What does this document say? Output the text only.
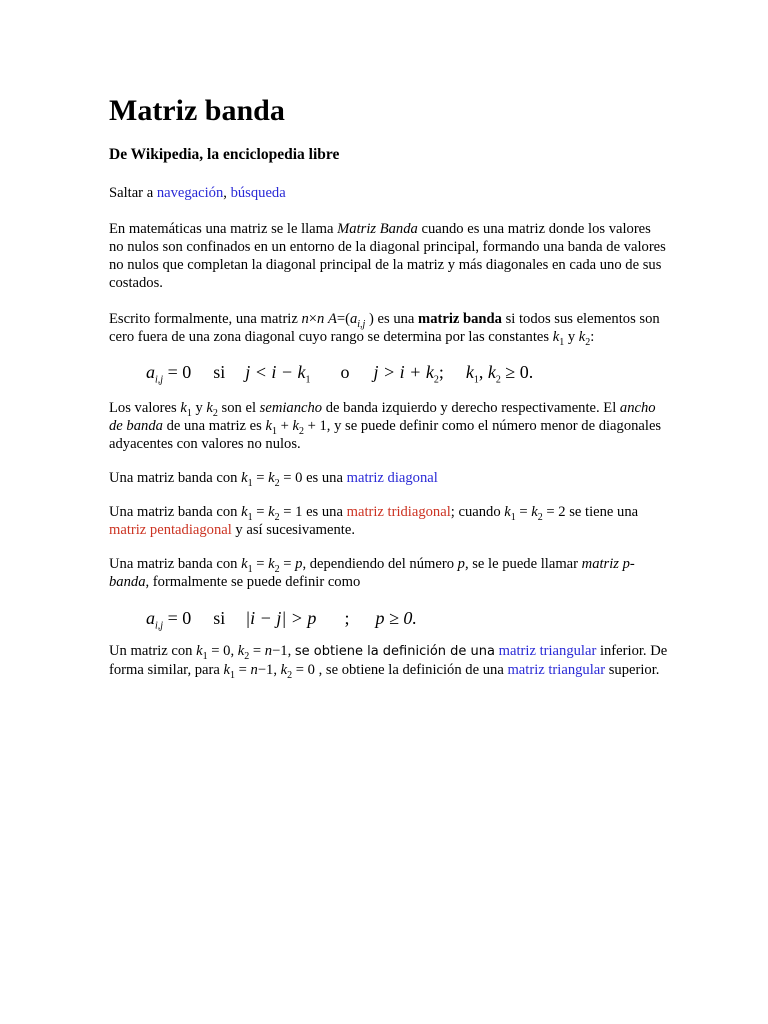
Matriz banda
De Wikipedia, la enciclopedia libre

Saltar a navegación, búsqueda

En matemáticas una matriz se le llama Matriz Banda cuando es una matriz donde los valores no nulos son confinados en un entorno de la diagonal principal, formando una banda de valores no nulos que completan la diagonal principal de la matriz y más diagonales en cada uno de sus costados.

Escrito formalmente, una matriz n×n $A=(a_{i,j}$ ) es una matriz banda si todos sus elementos son cero fuera de una zona diagonal cuyo rango se determina por las constantes $k_1$ y $k_2$:

$a_{i,j} = 0$ si $j < i - k_1$ o $j > i + k_2$; $k_1$, $k_2 \ge 0$.

Los valores $k_1$ y $k_2$ son el semiancho de banda izquierdo y derecho respectivamente. El ancho de banda de una matriz es $k_1 + k_2 + 1$, y se puede definir como el número menor de diagonales adyacentes con valores no nulos.

Una matriz banda con $k_1 = k_2 = 0$ es una matriz diagonal

Una matriz banda con $k_1 = k_2 = 1$ es una matriz tridiagonal; cuando $k_1 = k_2 = 2$ se tiene una matriz pentadiagonal y así sucesivamente.

Una matriz banda con $k_1 = k_2 = p$, dependiendo del número p, se le puede llamar matriz p-banda, formalmente se puede definir como

$a_{i,j} = 0$ si |i − j| > p ; p ≥ 0.

Un matriz con $k_1 = 0$, $k_2 = n-1$, se obtiene la definición de una matriz triangular inferior. De forma similar, para $k_1 = n-1$, $k_2 = 0$ , se obtiene la definición de una matriz triangular superior.
